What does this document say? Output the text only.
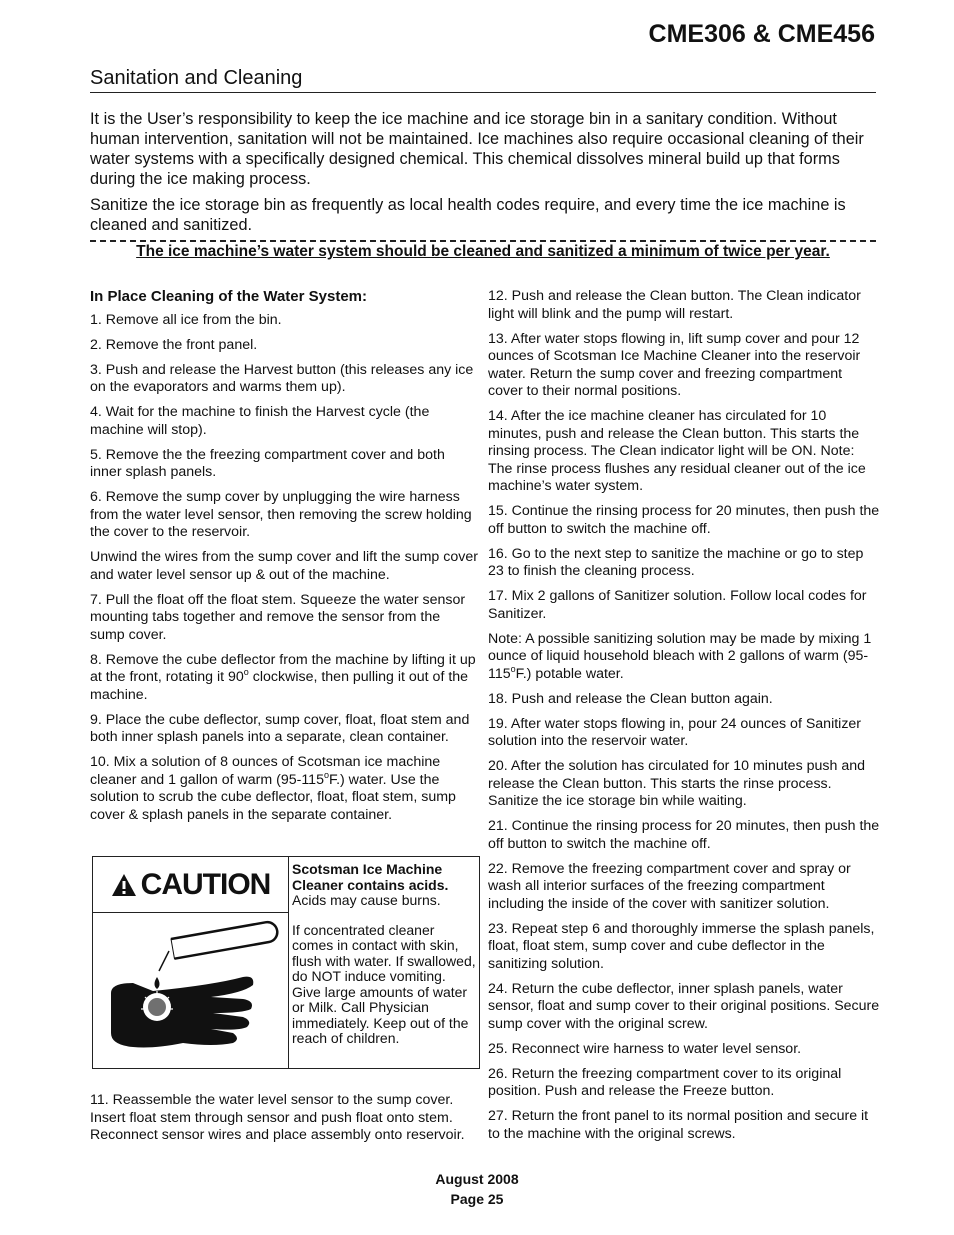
CME306 & CME456
Sanitation and Cleaning

It is the User’s responsibility to keep the ice machine and ice storage bin in a sanitary condition. Without human intervention, sanitation will not be maintained. Ice machines also require occasional cleaning of their water systems with a specifically designed chemical. This chemical dissolves mineral build up that forms during the ice making process.

Sanitize the ice storage bin as frequently as local health codes require, and every time the ice machine is cleaned and sanitized.

The ice machine’s water system should be cleaned and sanitized a minimum of twice per year.
In Place Cleaning of the Water System:

1. Remove all ice from the bin.

2. Remove the front panel.

3. Push and release the Harvest button (this releases any ice on the evaporators and warms them up).

4. Wait for the machine to finish the Harvest cycle (the machine will stop).

5. Remove the the freezing compartment cover and both inner splash panels.

6. Remove the sump cover by unplugging the wire harness from the water level sensor, then removing the screw holding the cover to the reservoir.

Unwind the wires from the sump cover and lift the sump cover and water level sensor up & out of the machine.

7. Pull the float off the float stem. Squeeze the water sensor mounting tabs together and remove the sensor from the sump cover.

8. Remove the cube deflector from the machine by lifting it up at the front, rotating it 90$^o$ clockwise, then pulling it out of the machine.

9. Place the cube deflector, sump cover, float, float stem and both inner splash panels into a separate, clean container.

10. Mix a solution of 8 ounces of Scotsman ice machine cleaner and 1 gallon of warm (95-115$^o$F.) water. Use the solution to scrub the cube deflector, float, float stem, sump cover & splash panels in the separate container.

CAUTION Scotsman Ice Machine Cleaner contains acids. Acids may cause burns.

If concentrated cleaner comes in contact with skin, flush with water. If swallowed, do NOT induce vomiting. Give large amounts of water or Milk. Call Physician immediately. Keep out of the reach of children.

11. Reassemble the water level sensor to the sump cover. Insert float stem through sensor and push float onto stem. Reconnect sensor wires and place assembly onto reservoir.

12. Push and release the Clean button. The Clean indicator light will blink and the pump will restart.

13. After water stops flowing in, lift sump cover and pour 12 ounces of Scotsman Ice Machine Cleaner into the reservoir water. Return the sump cover and freezing compartment cover to their normal positions.

14. After the ice machine cleaner has circulated for 10 minutes, push and release the Clean button. This starts the rinsing process. The Clean indicator light will be ON. Note: The rinse process flushes any residual cleaner out of the ice machine’s water system.

15. Continue the rinsing process for 20 minutes, then push the off button to switch the machine off.

16. Go to the next step to sanitize the machine or go to step 23 to finish the cleaning process.

17. Mix 2 gallons of Sanitizer solution. Follow local codes for Sanitizer.

Note: A possible sanitizing solution may be made by mixing 1 ounce of liquid household bleach with 2 gallons of warm (95-115$^o$F.) potable water.

18. Push and release the Clean button again.

19. After water stops flowing in, pour 24 ounces of Sanitizer solution into the reservoir water.

20. After the solution has circulated for 10 minutes push and release the Clean button. This starts the rinse process. Sanitize the ice storage bin while waiting.

21. Continue the rinsing process for 20 minutes, then push the off button to switch the machine off.

22. Remove the freezing compartment cover and spray or wash all interior surfaces of the freezing compartment including the inside of the cover with sanitizer solution.

23. Repeat step 6 and thoroughly immerse the splash panels, float, float stem, sump cover and cube deflector in the sanitizing solution.

24. Return the cube deflector, inner splash panels, water sensor, float and sump cover to their original positions. Secure sump cover with the original screw.

25. Reconnect wire harness to water level sensor.

26. Return the freezing compartment cover to its original position. Push and release the Freeze button.

27. Return the front panel to its normal position and secure it to the machine with the original screws.

August 2008
Page 25
